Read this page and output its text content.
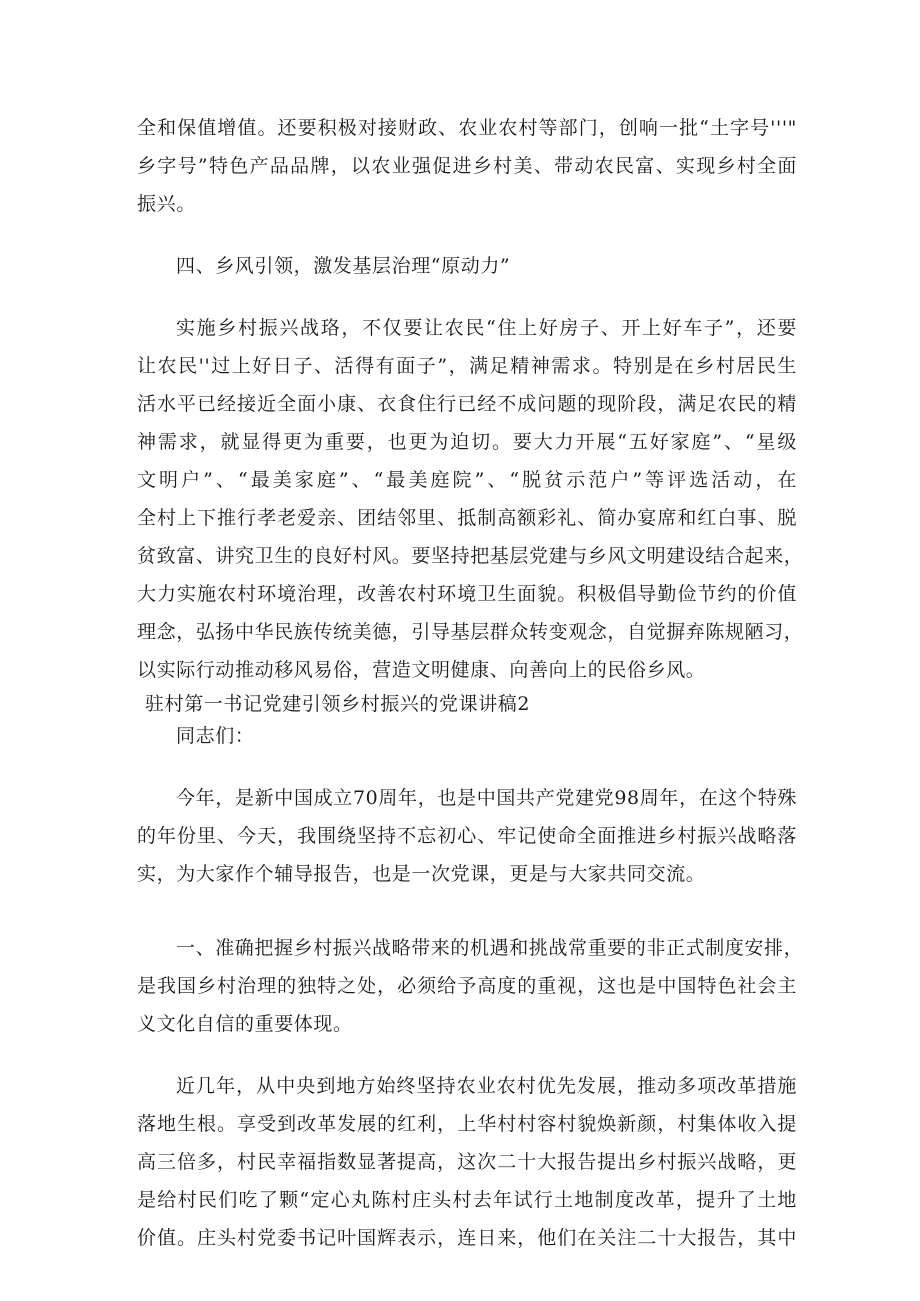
全和保值增值。还要积极对接财政、农业农村等部门，创响一批“土字号'''"
乡字号”特色产品品牌，以农业强促进乡村美、带动农民富、实现乡村全面
振兴。
四、乡风引领，激发基层治理“原动力”
实施乡村振兴战珞，不仅要让农民“住上好房子、开上好车子”，还要
让农民''过上好日子、活得有面子”，满足精神需求。特别是在乡村居民生
活水平已经接近全面小康、衣食住行已经不成问题的现阶段，满足农民的精
神需求，就显得更为重要，也更为迫切。要大力开展“五好家庭”、“星级
文明户”、“最美家庭”、“最美庭院”、“脱贫示范户”等评选活动，在
全村上下推行孝老爱亲、团结邻里、抵制高额彩礼、简办宴席和红白事、脱
贫致富、讲究卫生的良好村风。要坚持把基层党建与乡风文明建设结合起来，
大力实施农村环境治理，改善农村环境卫生面貌。积极倡导勤俭节约的价值
理念，弘扬中华民族传统美德，引导基层群众转变观念，自觉摒弃陈规陋习，
以实际行动推动移风易俗，营造文明健康、向善向上的民俗乡风。
驻村第一书记党建引领乡村振兴的党课讲稿2
同志们：
今年，是新中国成立70周年，也是中国共产党建党98周年，在这个特殊
的年份里、今天，我围绕坚持不忘初心、牢记使命全面推进乡村振兴战略落
实，为大家作个辅导报告，也是一次党课，更是与大家共同交流。
一、准确把握乡村振兴战略带来的机遇和挑战常重要的非正式制度安排，
是我国乡村治理的独特之处，必须给予高度的重视，这也是中国特色社会主
义文化自信的重要体现。
近几年，从中央到地方始终坚持农业农村优先发展，推动多项改革措施
落地生根。享受到改革发展的红利，上华村村容村貌焕新颜，村集体收入提
高三倍多，村民幸福指数显著提高，这次二十大报告提出乡村振兴战略，更
是给村民们吃了颗“定心丸陈村庄头村去年试行土地制度改革，提升了土地
价值。庄头村党委书记叶国辉表示，连日来，他们在关注二十大报告，其中
